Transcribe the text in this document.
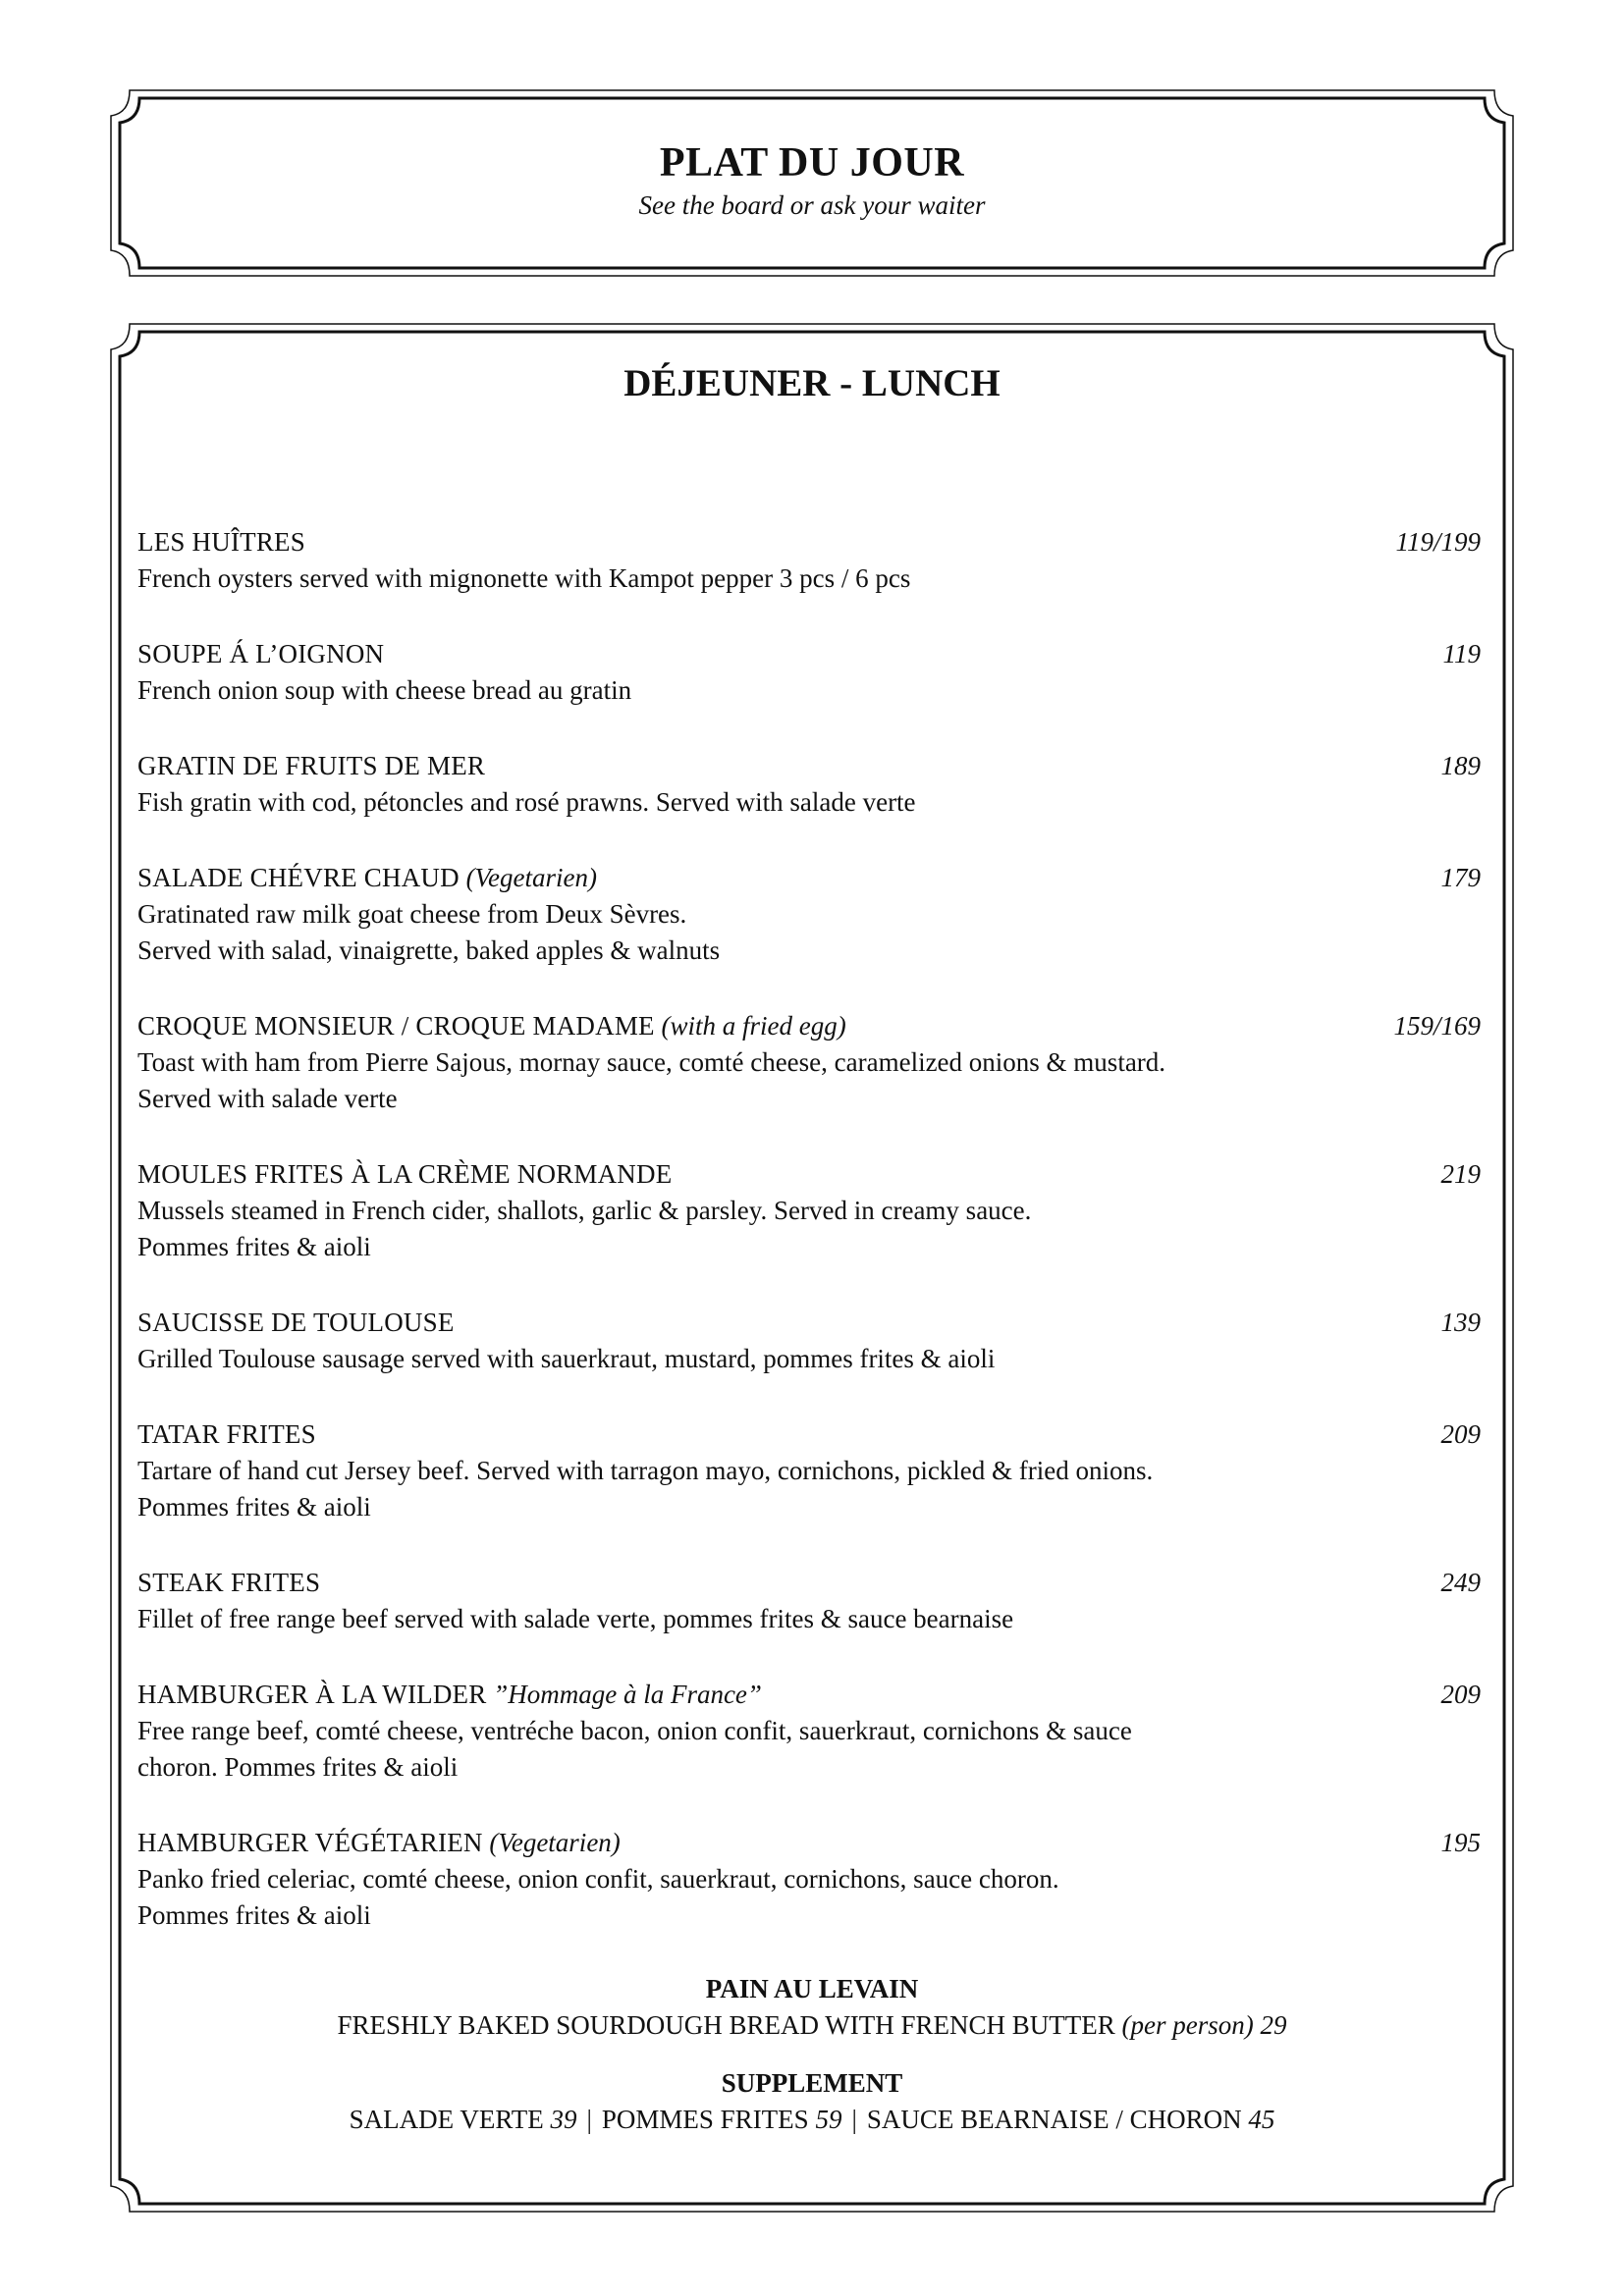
PLAT DU JOUR
See the board or ask your waiter
DÉJEUNER - LUNCH
LES HUÎTRES	119/199
French oysters served with mignonette with Kampot pepper 3 pcs / 6 pcs
SOUPE Á L’OIGNON	119
French onion soup with cheese bread au gratin
GRATIN DE FRUITS DE MER	189
Fish gratin with cod, pétoncles and rosé prawns. Served with salade verte
SALADE CHÉVRE CHAUD (Vegetarien)	179
Gratinated raw milk goat cheese from Deux Sèvres.
Served with salad, vinaigrette, baked apples & walnuts
CROQUE MONSIEUR / CROQUE MADAME (with a fried egg)	159/169
Toast with ham from Pierre Sajous, mornay sauce, comté cheese, caramelized onions & mustard.
Served with salade verte
MOULES FRITES À LA CRÈME NORMANDE	219
Mussels steamed in French cider, shallots, garlic & parsley. Served in creamy sauce.
Pommes frites & aioli
SAUCISSE DE TOULOUSE	139
Grilled Toulouse sausage served with sauerkraut, mustard, pommes frites & aioli
TATAR FRITES	209
Tartare of hand cut Jersey beef. Served with tarragon mayo, cornichons, pickled & fried onions.
Pommes frites & aioli
STEAK FRITES	249
Fillet of free range beef served with salade verte, pommes frites & sauce bearnaise
HAMBURGER À LA WILDER ”Hommage à la France”	209
Free range beef, comté cheese, ventréche bacon, onion confit, sauerkraut, cornichons & sauce
choron. Pommes frites & aioli
HAMBURGER VÉGÉTARIEN (Vegetarien)	195
Panko fried celeriac, comté cheese, onion confit, sauerkraut, cornichons, sauce choron.
Pommes frites & aioli
PAIN AU LEVAIN
FRESHLY BAKED SOURDOUGH BREAD WITH FRENCH BUTTER (per person) 29
SUPPLEMENT
SALADE VERTE 39 | POMMES FRITES 59 | SAUCE BEARNAISE / CHORON 45
